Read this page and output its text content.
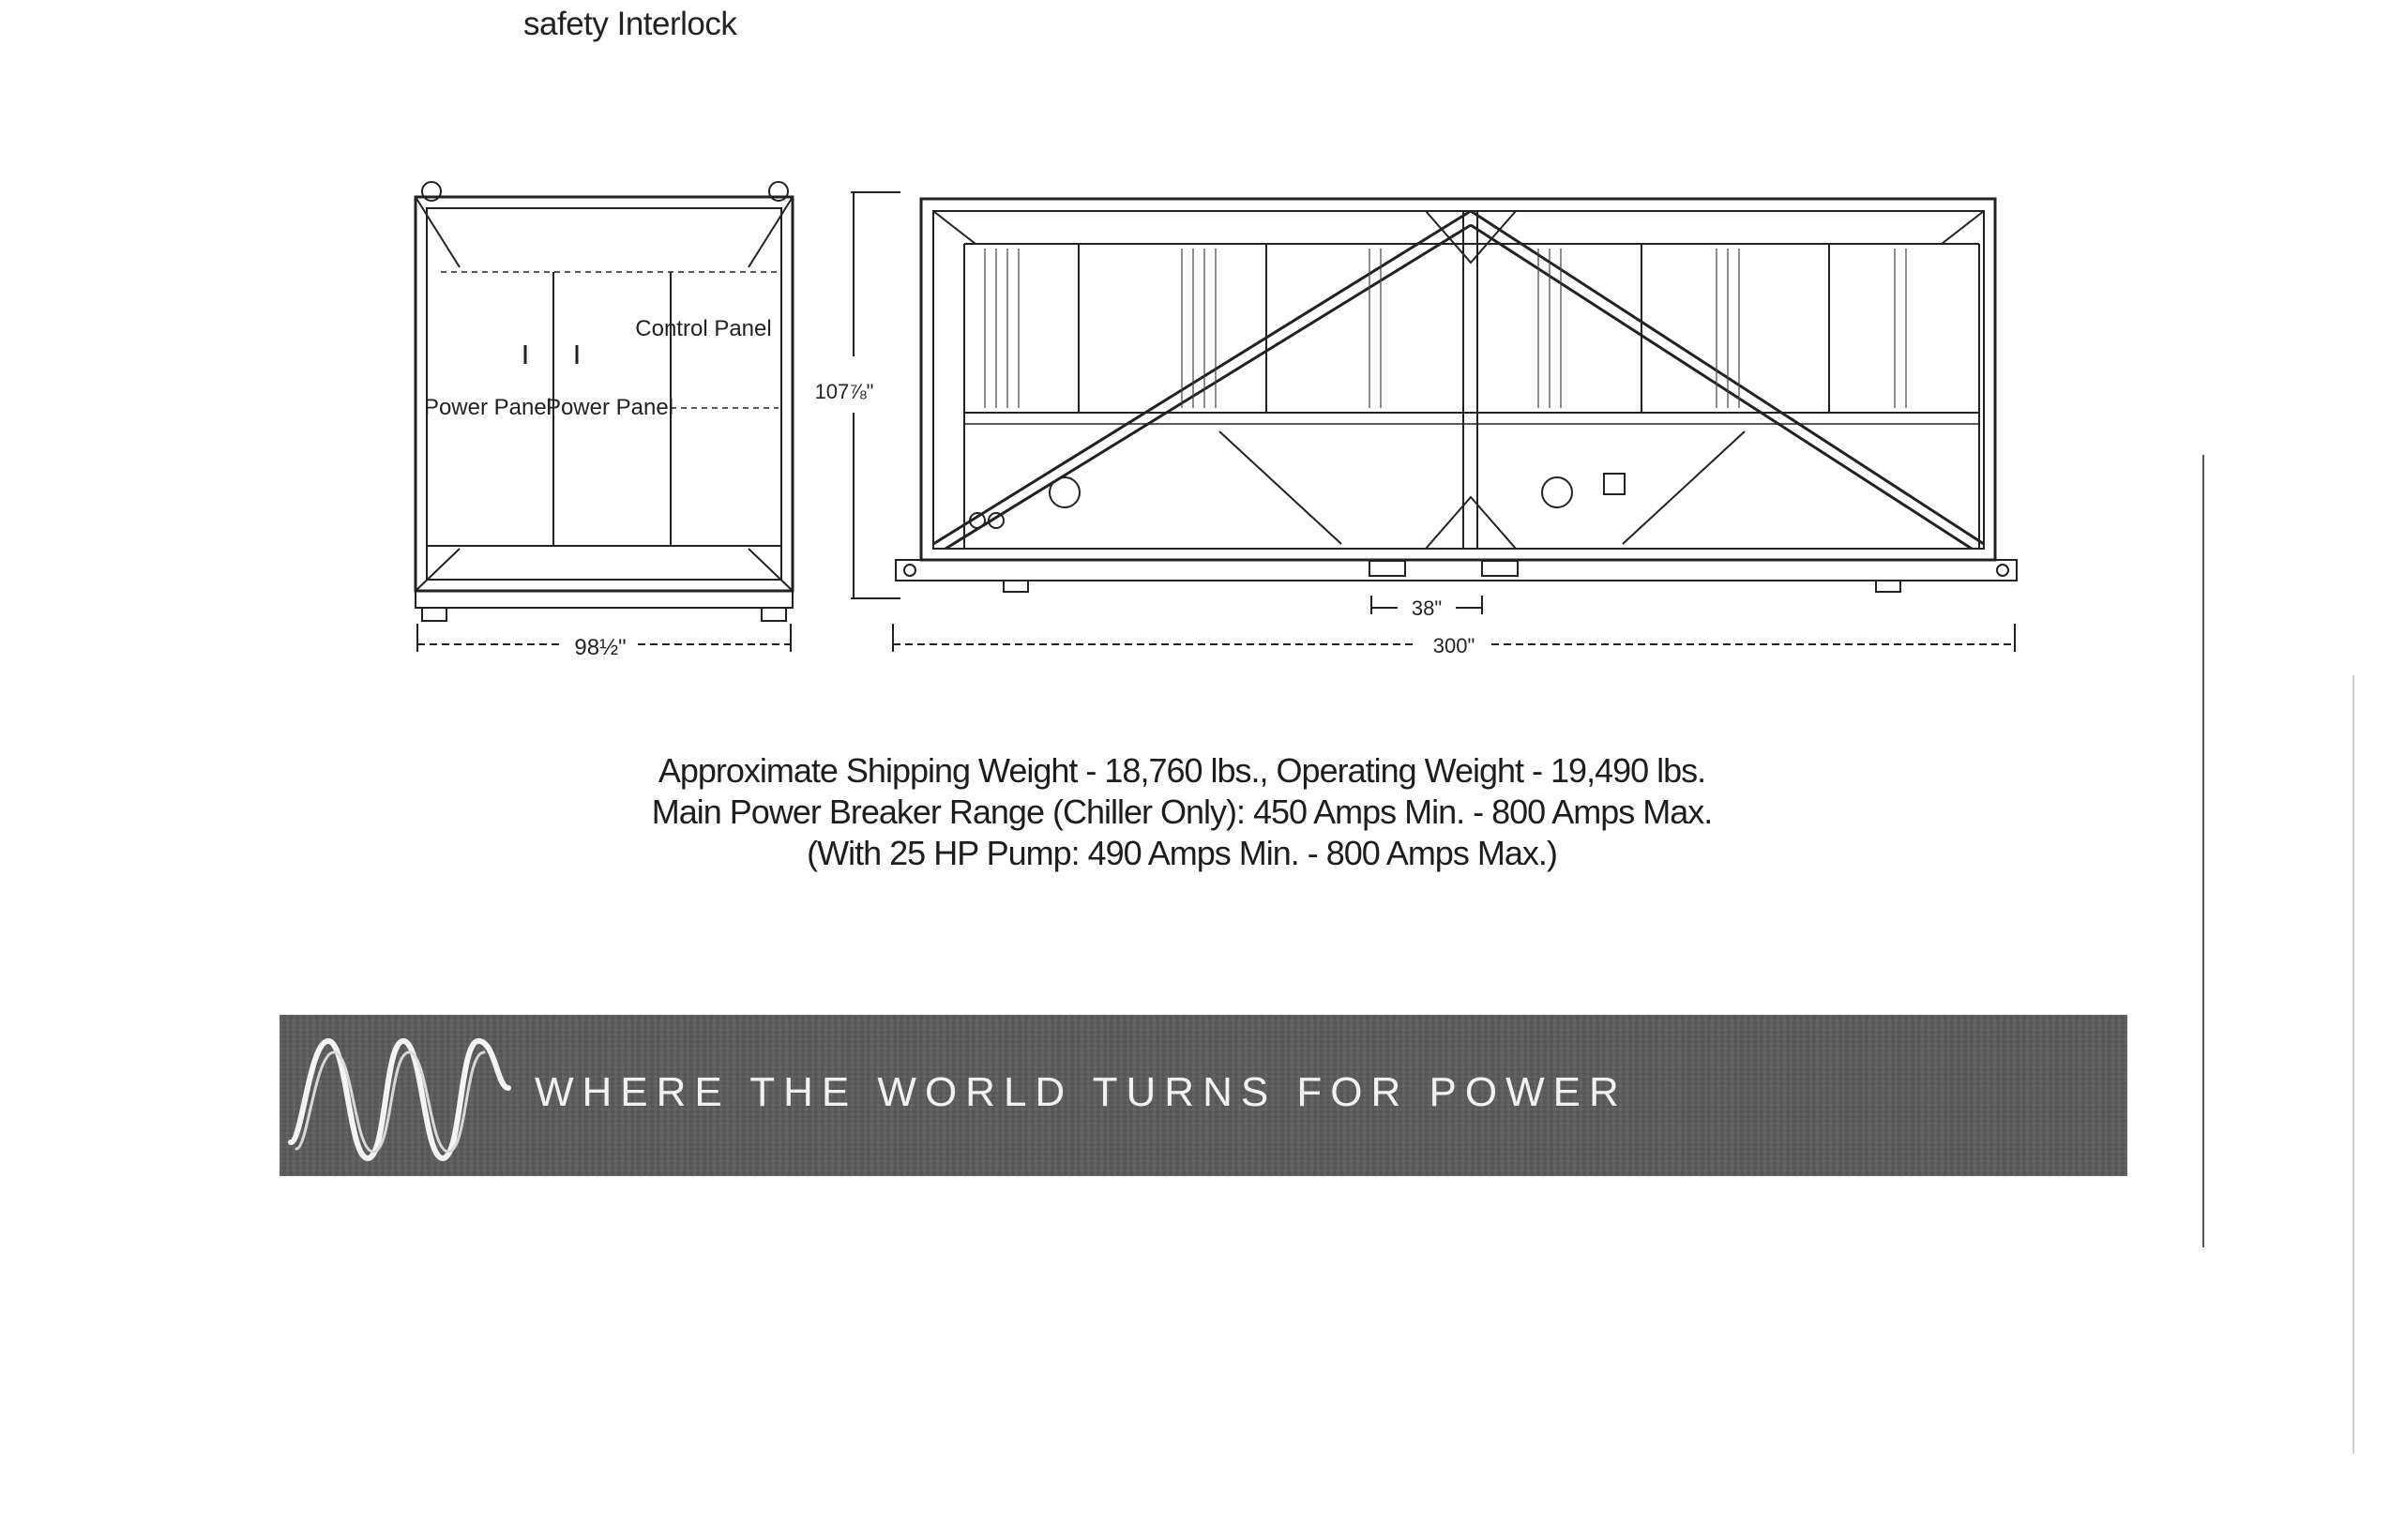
safety Interlock
Power Panel
Power Panel
Control Panel
98½"
107⅞"
38"
300"
Approximate Shipping Weight - 18,760 lbs., Operating Weight - 19,490 lbs.
Main Power Breaker Range (Chiller Only): 450 Amps Min. - 800 Amps Max.
(With 25 HP Pump: 490 Amps Min. - 800 Amps Max.)
WHERE THE WORLD TURNS FOR POWER
